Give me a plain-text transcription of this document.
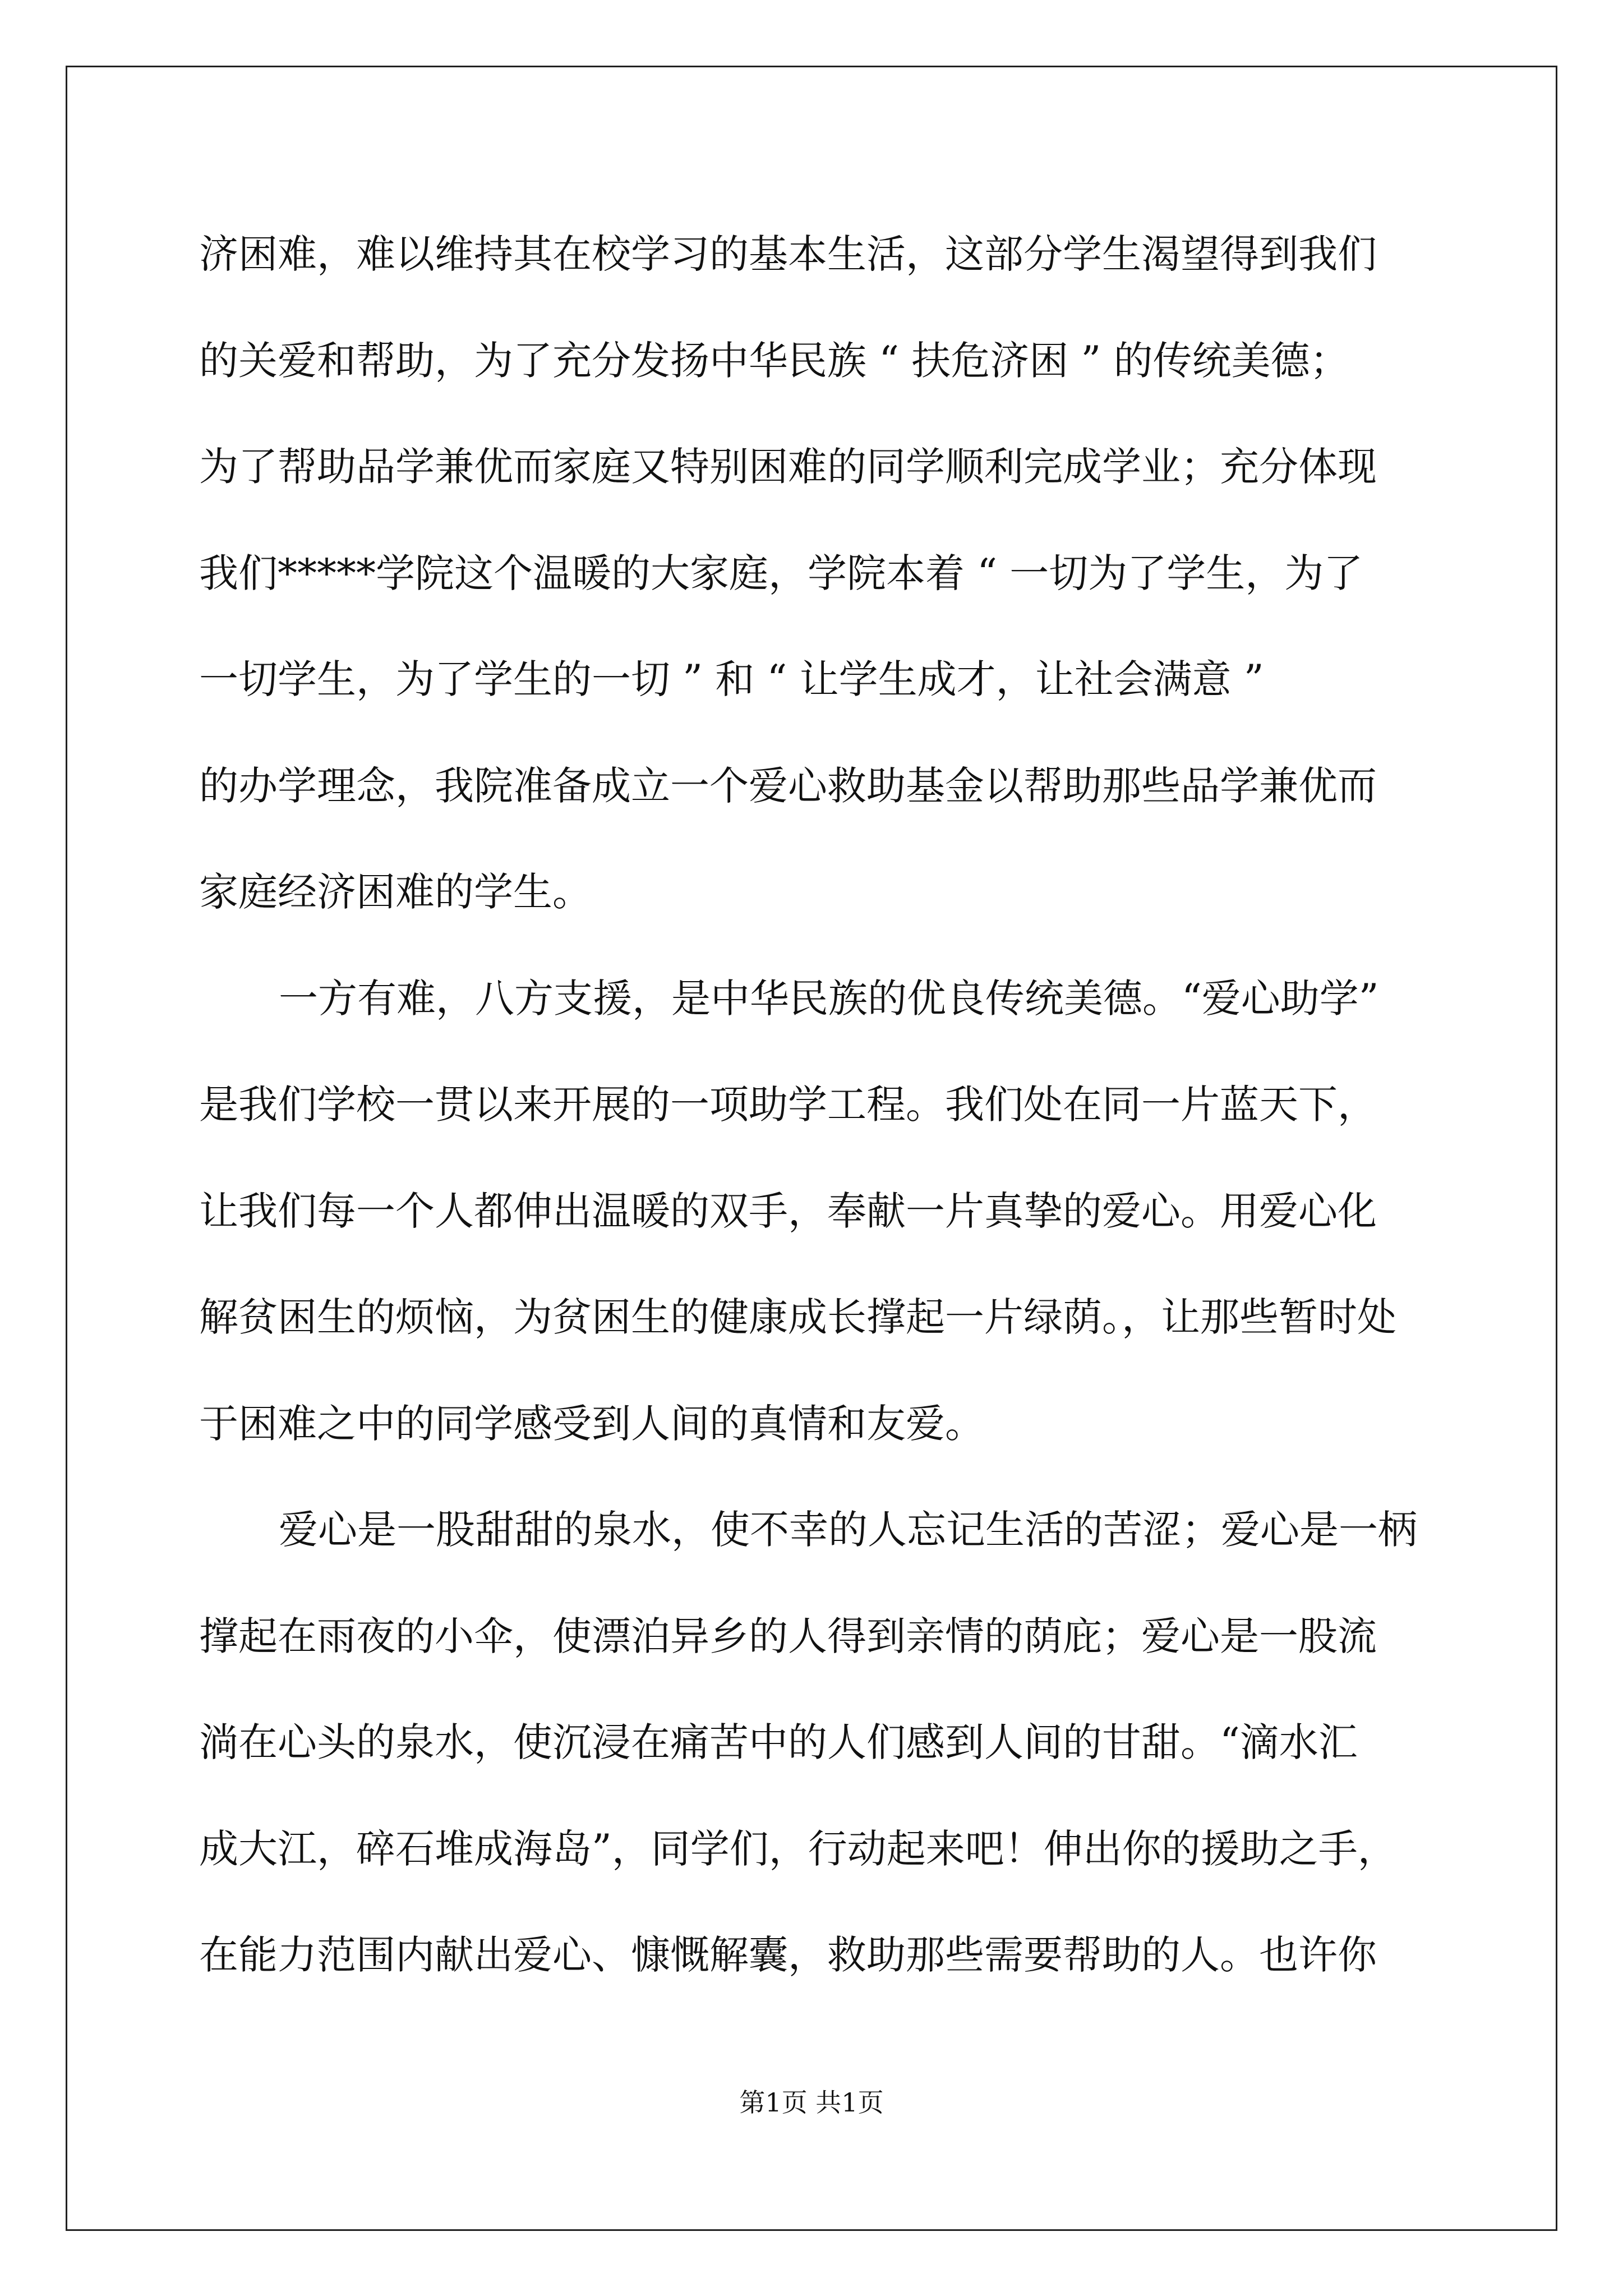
济困难，难以维持其在校学习的基本生活，这部分学生渴望得到我们
的关爱和帮助，为了充分发扬中华民族 “ 扶危济困 ” 的传统美德；
为了帮助品学兼优而家庭又特别困难的同学顺利完成学业；充分体现
我们*****学院这个温暖的大家庭，学院本着 “ 一切为了学生，为了
一切学生，为了学生的一切 ” 和 “ 让学生成才，让社会满意 ”
的办学理念，我院准备成立一个爱心救助基金以帮助那些品学兼优而
家庭经济困难的学生。
一方有难，八方支援，是中华民族的优良传统美德。“爱心助学”
是我们学校一贯以来开展的一项助学工程。我们处在同一片蓝天下，
让我们每一个人都伸出温暖的双手，奉献一片真挚的爱心。用爱心化
解贫困生的烦恼，为贫困生的健康成长撑起一片绿荫。，让那些暂时处
于困难之中的同学感受到人间的真情和友爱。
爱心是一股甜甜的泉水，使不幸的人忘记生活的苦涩；爱心是一柄
撑起在雨夜的小伞，使漂泊异乡的人得到亲情的荫庇；爱心是一股流
淌在心头的泉水，使沉浸在痛苦中的人们感到人间的甘甜。“滴水汇
成大江，碎石堆成海岛”，同学们，行动起来吧！伸出你的援助之手，
在能力范围内献出爱心、慷慨解囊，救助那些需要帮助的人。也许你
第1页 共1页
